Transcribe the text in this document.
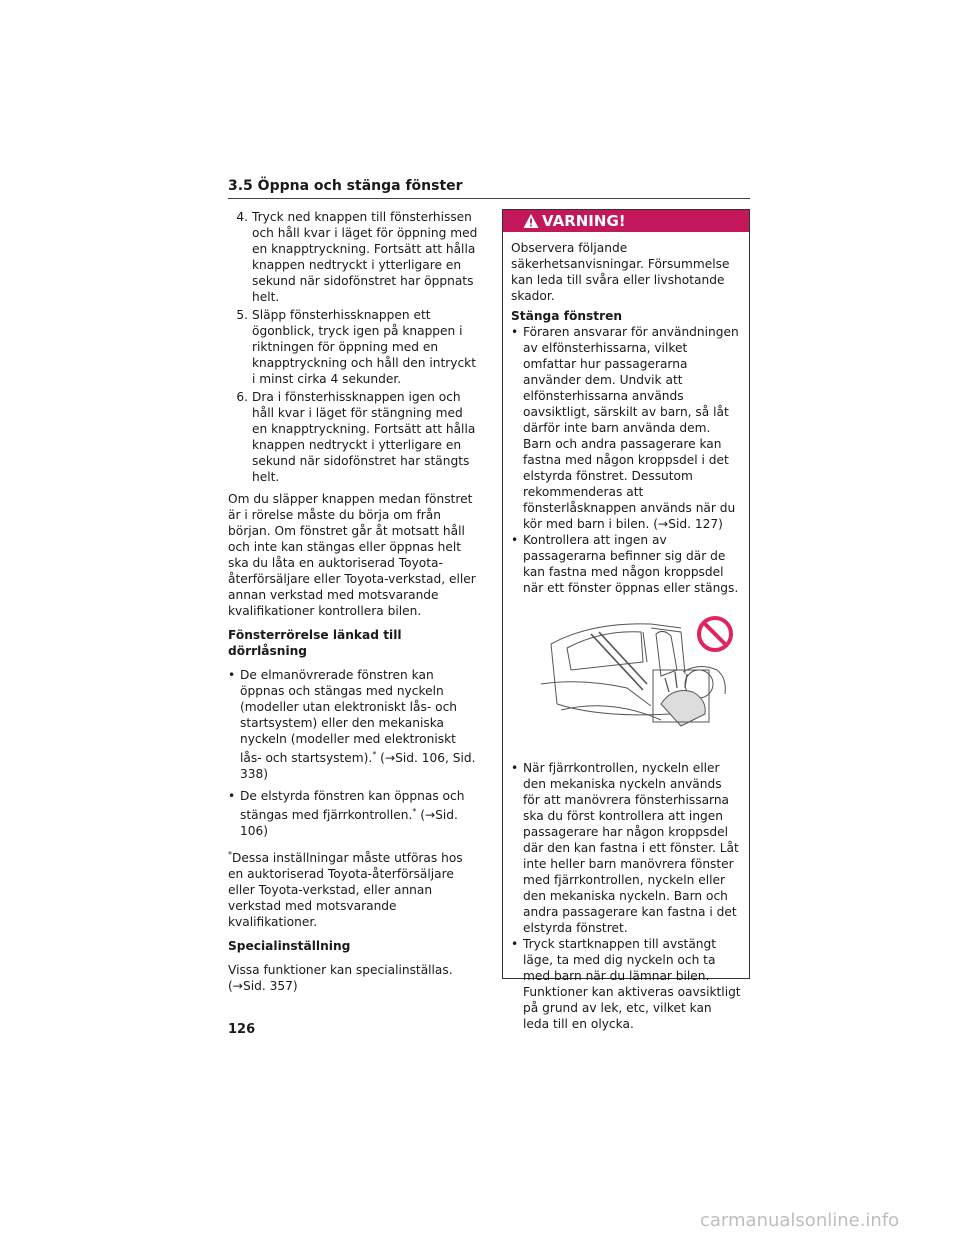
3.5 Öppna och stänga fönster
4. Tryck ned knappen till fönsterhissen och håll kvar i läget för öppning med en knapptryckning. Fortsätt att hålla knappen nedtryckt i ytterligare en sekund när sidofönstret har öppnats helt.
5. Släpp fönsterhissknappen ett ögonblick, tryck igen på knappen i riktningen för öppning med en knapptryckning och håll den intryckt i minst cirka 4 sekunder.
6. Dra i fönsterhissknappen igen och håll kvar i läget för stängning med en knapptryckning. Fortsätt att hålla knappen nedtryckt i ytterligare en sekund när sidofönstret har stängts helt.

Om du släpper knappen medan fönstret är i rörelse måste du börja om från början. Om fönstret går åt motsatt håll och inte kan stängas eller öppnas helt ska du låta en auktoriserad Toyota-återförsäljare eller Toyota-verkstad, eller annan verkstad med motsvarande kvalifikationer kontrollera bilen.

Fönsterrörelse länkad till dörrlåsning
• De elmanövrerade fönstren kan öppnas och stängas med nyckeln (modeller utan elektroniskt lås- och startsystem) eller den mekaniska nyckeln (modeller med elektroniskt lås- och startsystem).* (→Sid. 106, Sid. 338)
• De elstyrda fönstren kan öppnas och stängas med fjärrkontrollen.* (→Sid. 106)

*Dessa inställningar måste utföras hos en auktoriserad Toyota-återförsäljare eller Toyota-verkstad, eller annan verkstad med motsvarande kvalifikationer.

Specialinställning

Vissa funktioner kan specialinställas. (→Sid. 357)

VARNING!

Observera följande säkerhetsanvisningar. Försummelse kan leda till svåra eller livshotande skador.

Stänga fönstren
• Föraren ansvarar för användningen av elfönsterhissarna, vilket omfattar hur passagerarna använder dem. Undvik att elfönsterhissarna används oavsiktligt, särskilt av barn, så låt därför inte barn använda dem. Barn och andra passagerare kan fastna med någon kroppsdel i det elstyrda fönstret. Dessutom rekommenderas att fönsterlåsknappen används när du kör med barn i bilen. (→Sid. 127)
• Kontrollera att ingen av passagerarna befinner sig där de kan fastna med någon kroppsdel när ett fönster öppnas eller stängs.
• När fjärrkontrollen, nyckeln eller den mekaniska nyckeln används för att manövrera fönsterhissarna ska du först kontrollera att ingen passagerare har någon kroppsdel där den kan fastna i ett fönster. Låt inte heller barn manövrera fönster med fjärrkontrollen, nyckeln eller den mekaniska nyckeln. Barn och andra passagerare kan fastna i det elstyrda fönstret.
• Tryck startknappen till avstängt läge, ta med dig nyckeln och ta med barn när du lämnar bilen. Funktioner kan aktiveras oavsiktligt på grund av lek, etc, vilket kan leda till en olycka.
126
carmanualsonline.info
